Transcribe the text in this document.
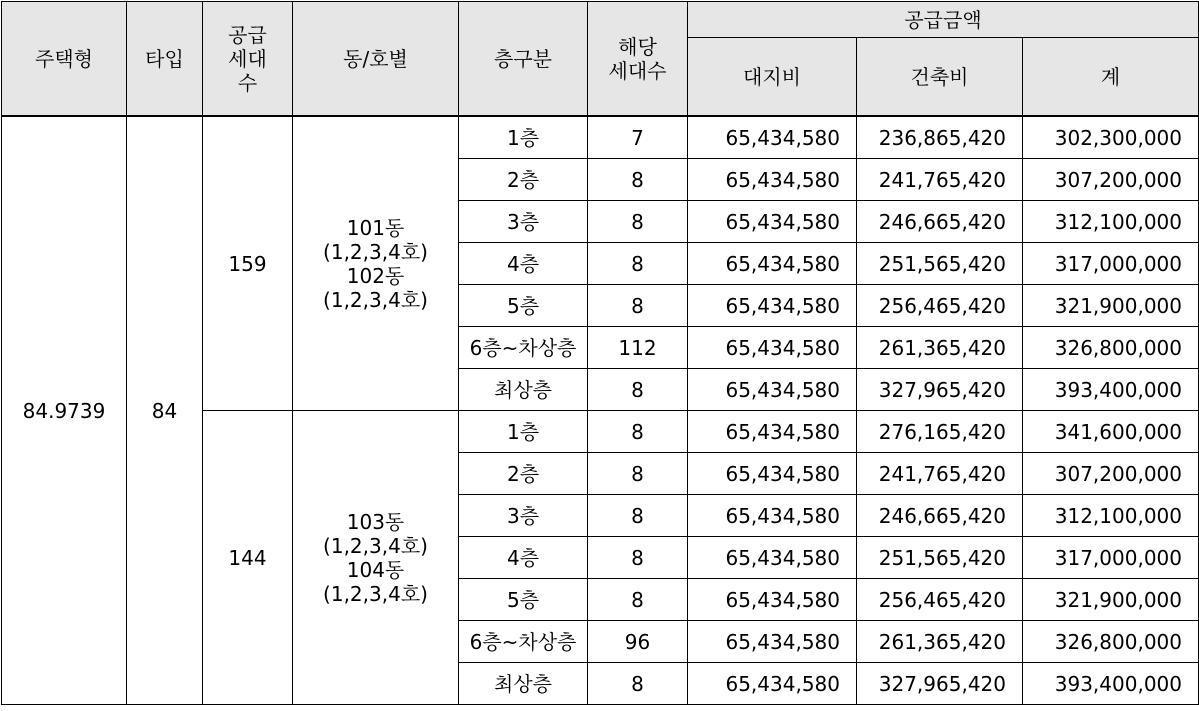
주택형	타입	공급
세대
수	동/호별	층구분	해당
세대수	공급금액		
						대지비	건축비	계
84.9739	84	159	101동
(1,2,3,4호)
102동
(1,2,3,4호)	1층	7	65,434,580	236,865,420	302,300,000
				2층	8	65,434,580	241,765,420	307,200,000
				3층	8	65,434,580	246,665,420	312,100,000
				4층	8	65,434,580	251,565,420	317,000,000
				5층	8	65,434,580	256,465,420	321,900,000
				6층~차상층	112	65,434,580	261,365,420	326,800,000
				최상층	8	65,434,580	327,965,420	393,400,000
		144	103동
(1,2,3,4호)
104동
(1,2,3,4호)	1층	8	65,434,580	276,165,420	341,600,000
				2층	8	65,434,580	241,765,420	307,200,000
				3층	8	65,434,580	246,665,420	312,100,000
				4층	8	65,434,580	251,565,420	317,000,000
				5층	8	65,434,580	256,465,420	321,900,000
				6층~차상층	96	65,434,580	261,365,420	326,800,000
				최상층	8	65,434,580	327,965,420	393,400,000
